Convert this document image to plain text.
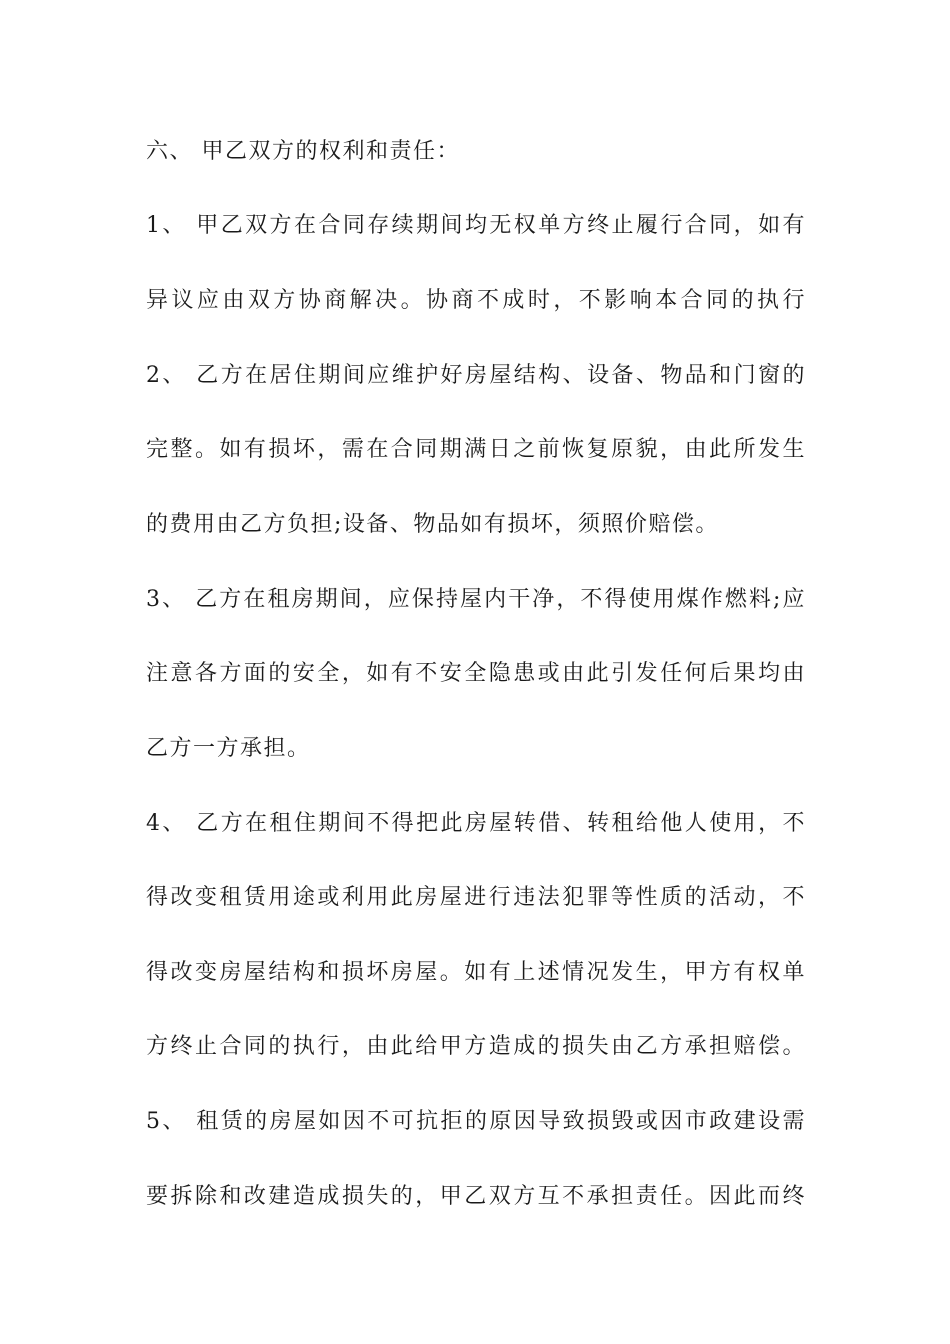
六、 甲乙双方的权利和责任：

1、 甲乙双方在合同存续期间均无权单方终止履行合同，如有

异议应由双方协商解决。协商不成时，不影响本合同的执行

2、 乙方在居住期间应维护好房屋结构、设备、物品和门窗的

完整。如有损坏，需在合同期满日之前恢复原貌，由此所发生

的费用由乙方负担;设备、物品如有损坏，须照价赔偿。

3、 乙方在租房期间，应保持屋内干净，不得使用煤作燃料;应

注意各方面的安全，如有不安全隐患或由此引发任何后果均由

乙方一方承担。

4、 乙方在租住期间不得把此房屋转借、转租给他人使用，不

得改变租赁用途或利用此房屋进行违法犯罪等性质的活动，不

得改变房屋结构和损坏房屋。如有上述情况发生，甲方有权单

方终止合同的执行，由此给甲方造成的损失由乙方承担赔偿。

5、 租赁的房屋如因不可抗拒的原因导致损毁或因市政建设需

要拆除和改建造成损失的，甲乙双方互不承担责任。因此而终
